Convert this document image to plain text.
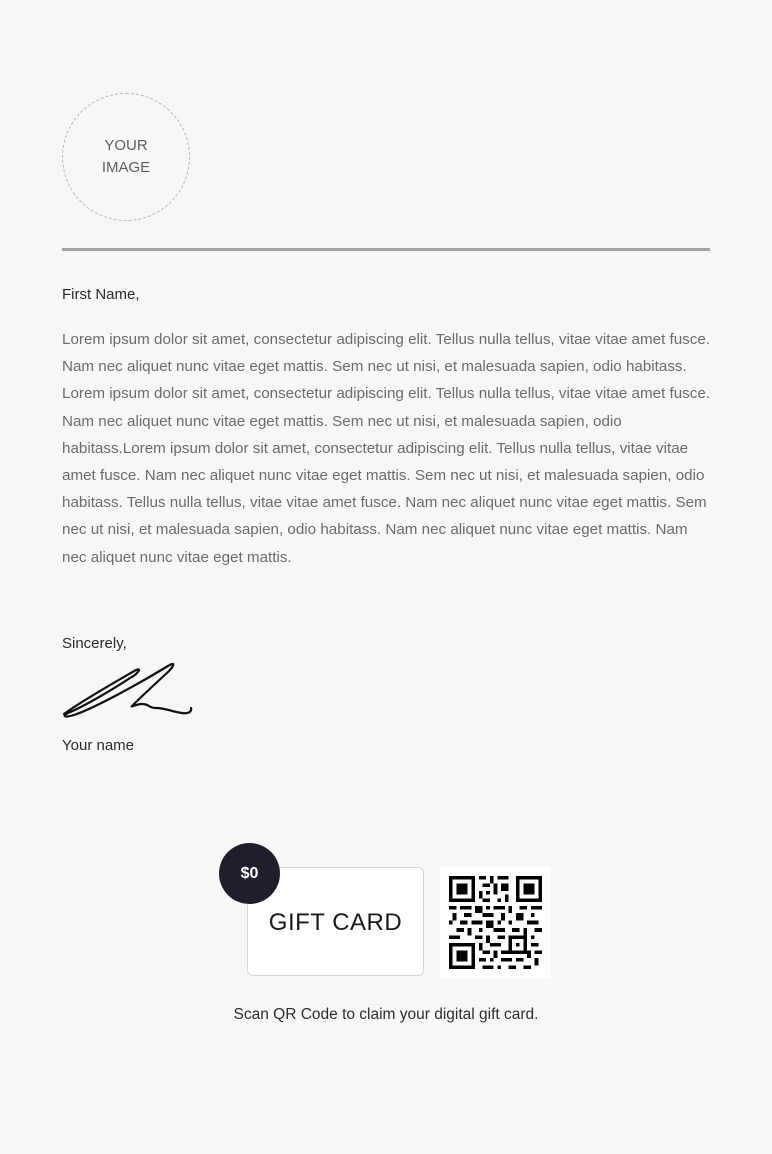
YOUR
IMAGE
First Name,

Lorem ipsum dolor sit amet, consectetur adipiscing elit. Tellus nulla tellus, vitae vitae amet fusce. Nam nec aliquet nunc vitae eget mattis. Sem nec ut nisi, et malesuada sapien, odio habitass. Lorem ipsum dolor sit amet, consectetur adipiscing elit. Tellus nulla tellus, vitae vitae amet fusce. Nam nec aliquet nunc vitae eget mattis. Sem nec ut nisi, et malesuada sapien, odio habitass.Lorem ipsum dolor sit amet, consectetur adipiscing elit. Tellus nulla tellus, vitae vitae amet fusce. Nam nec aliquet nunc vitae eget mattis. Sem nec ut nisi, et malesuada sapien, odio habitass. Tellus nulla tellus, vitae vitae amet fusce. Nam nec aliquet nunc vitae eget mattis. Sem nec ut nisi, et malesuada sapien, odio habitass. Nam nec aliquet nunc vitae eget mattis. Nam nec aliquet nunc vitae eget mattis.

Sincerely,
Your name
GIFT CARD
$0
Scan QR Code to claim your digital gift card.
